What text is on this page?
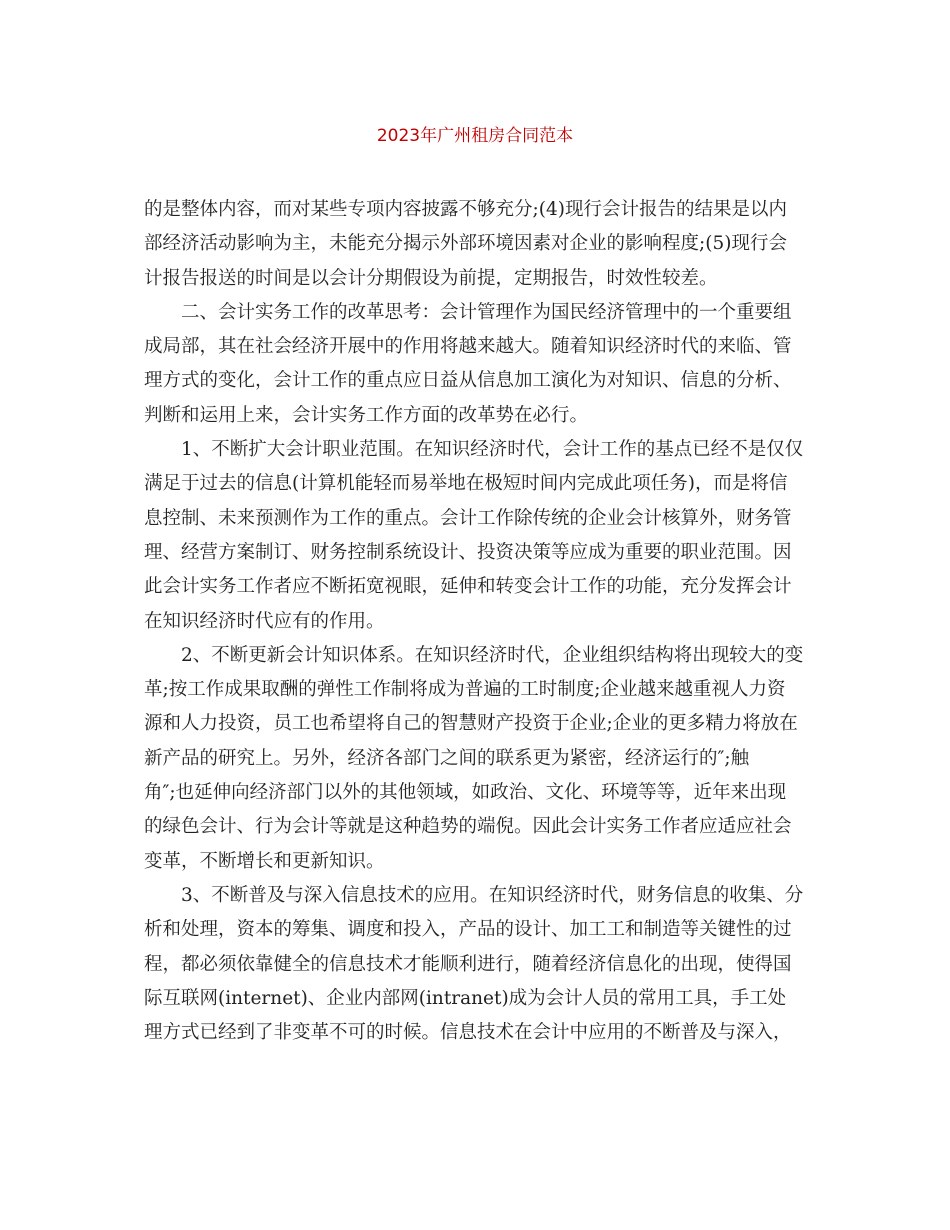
2023年广州租房合同范本
的是整体内容，而对某些专项内容披露不够充分;(4)现行会计报告的结果是以内
部经济活动影响为主，未能充分揭示外部环境因素对企业的影响程度;(5)现行会
计报告报送的时间是以会计分期假设为前提，定期报告，时效性较差。
二、会计实务工作的改革思考：会计管理作为国民经济管理中的一个重要组
成局部，其在社会经济开展中的作用将越来越大。随着知识经济时代的来临、管
理方式的变化，会计工作的重点应日益从信息加工演化为对知识、信息的分析、
判断和运用上来，会计实务工作方面的改革势在必行。
1、不断扩大会计职业范围。在知识经济时代，会计工作的基点已经不是仅仅
满足于过去的信息(计算机能轻而易举地在极短时间内完成此项任务)，而是将信
息控制、未来预测作为工作的重点。会计工作除传统的企业会计核算外，财务管
理、经营方案制订、财务控制系统设计、投资决策等应成为重要的职业范围。因
此会计实务工作者应不断拓宽视眼，延伸和转变会计工作的功能，充分发挥会计
在知识经济时代应有的作用。
2、不断更新会计知识体系。在知识经济时代，企业组织结构将出现较大的变
革;按工作成果取酬的弹性工作制将成为普遍的工时制度;企业越来越重视人力资
源和人力投资，员工也希望将自己的智慧财产投资于企业;企业的更多精力将放在
新产品的研究上。另外，经济各部门之间的联系更为紧密，经济运行的″;触
角″;也延伸向经济部门以外的其他领域，如政治、文化、环境等等，近年来出现
的绿色会计、行为会计等就是这种趋势的端倪。因此会计实务工作者应适应社会
变革，不断增长和更新知识。
3、不断普及与深入信息技术的应用。在知识经济时代，财务信息的收集、分
析和处理，资本的筹集、调度和投入，产品的设计、加工工和制造等关键性的过
程，都必须依靠健全的信息技术才能顺利进行，随着经济信息化的出现，使得国
际互联网(internet)、企业内部网(intranet)成为会计人员的常用工具，手工处
理方式已经到了非变革不可的时候。信息技术在会计中应用的不断普及与深入，
